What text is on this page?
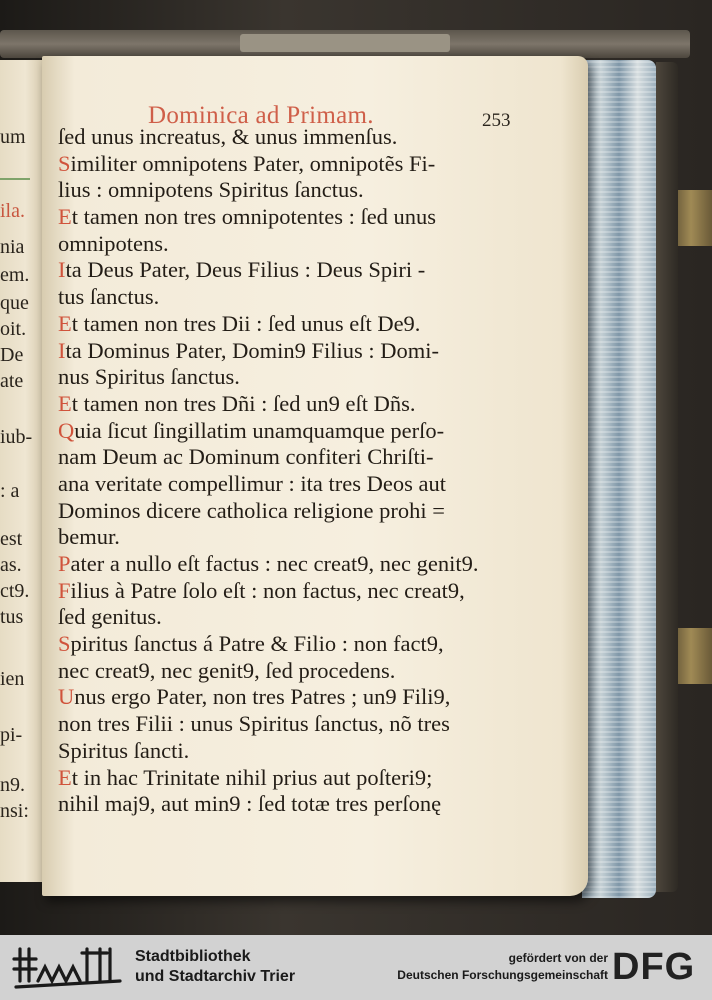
um
ila.
nia
em.
que
oit.
De
ate
iub-
: a
est
as.
ct9.
tus
ien
pi-
n9.
nsi:
Dominica ad Primam.	253
ſed unus increatus, & unus immenſus.
Similiter omnipotens Pater, omnipotẽs Fi-
lius : omnipotens Spiritus ſanctus.
Et tamen non tres omnipotentes : ſed unus
omnipotens.
Ita Deus Pater, Deus Filius : Deus Spiri -
tus ſanctus.
Et tamen non tres Dii : ſed unus eſt De9.
Ita Dominus Pater, Domin9 Filius : Domi-
nus Spiritus ſanctus.
Et tamen non tres Dñi : ſed un9 eſt Dñs.
Quia ſicut ſingillatim unamquamque perſo-
nam Deum ac Dominum confiteri Chriſti-
ana veritate compellimur : ita tres Deos aut
Dominos dicere catholica religione prohi =
bemur.
Pater a nullo eſt factus : nec creat9, nec genit9.
Filius à Patre ſolo eſt : non factus, nec creat9,
ſed genitus.
Spiritus ſanctus á Patre & Filio : non fact9,
nec creat9, nec genit9, ſed procedens.
Unus ergo Pater, non tres Patres ; un9 Fili9,
non tres Filii : unus Spiritus ſanctus, nõ tres
Spiritus ſancti.
Et in hac Trinitate nihil prius aut poſteri9;
nihil maj9, aut min9 : ſed totæ tres perſonę
Stadtbibliothek
und Stadtarchiv Trier
gefördert von der
Deutschen Forschungsgemeinschaft DFG
